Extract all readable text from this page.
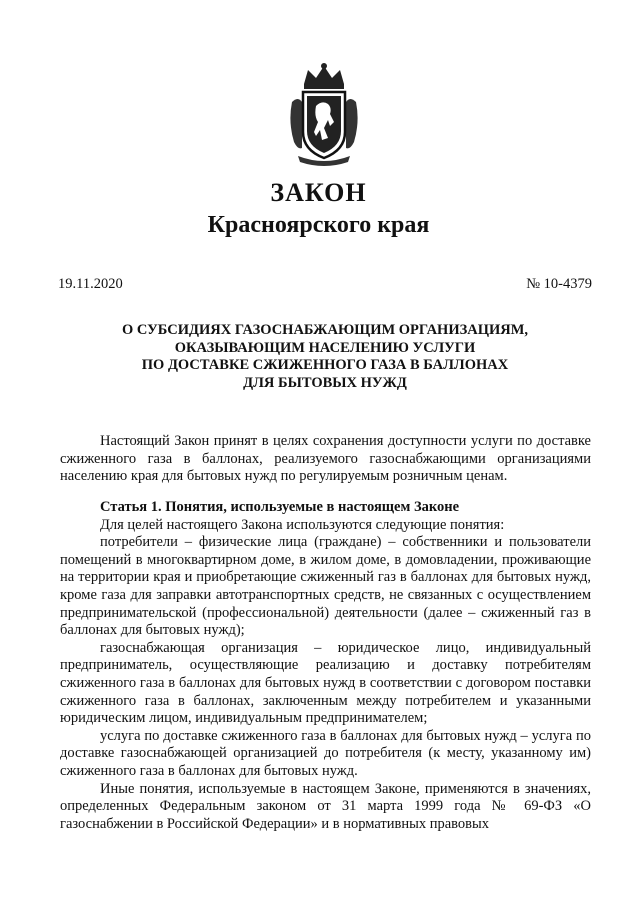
ЗАКОН
Красноярского края
19.11.2020	№ 10-4379
О СУБСИДИЯХ ГАЗОСНАБЖАЮЩИМ ОРГАНИЗАЦИЯМ,
ОКАЗЫВАЮЩИМ НАСЕЛЕНИЮ УСЛУГИ
ПО ДОСТАВКЕ СЖИЖЕННОГО ГАЗА В БАЛЛОНАХ
ДЛЯ БЫТОВЫХ НУЖД

Настоящий Закон принят в целях сохранения доступности услуги по доставке сжиженного газа в баллонах, реализуемого газоснабжающими организациями населению края для бытовых нужд по регулируемым розничным ценам.

Статья 1. Понятия, используемые в настоящем Законе

Для целей настоящего Закона используются следующие понятия:

потребители – физические лица (граждане) – собственники и пользователи помещений в многоквартирном доме, в жилом доме, в домовладении, проживающие на территории края и приобретающие сжиженный газ в баллонах для бытовых нужд, кроме газа для заправки автотранспортных средств, не связанных с осуществлением предпринимательской (профессиональной) деятельности (далее – сжиженный газ в баллонах для бытовых нужд);

газоснабжающая организация – юридическое лицо, индивидуальный предприниматель, осуществляющие реализацию и доставку потребителям сжиженного газа в баллонах для бытовых нужд в соответствии с договором поставки сжиженного газа в баллонах, заключенным между потребителем и указанными юридическим лицом, индивидуальным предпринимателем;

услуга по доставке сжиженного газа в баллонах для бытовых нужд – услуга по доставке газоснабжающей организацией до потребителя (к месту, указанному им) сжиженного газа в баллонах для бытовых нужд.

Иные понятия, используемые в настоящем Законе, применяются в значениях, определенных Федеральным законом от 31 марта 1999 года № 69-ФЗ «О газоснабжении в Российской Федерации» и в нормативных правовых
